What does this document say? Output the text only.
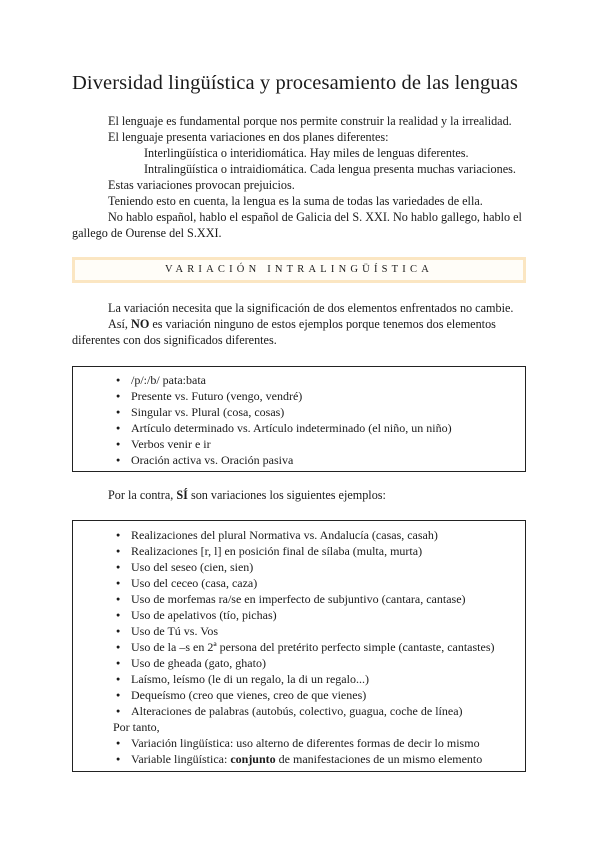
Diversidad lingüística y procesamiento de las lenguas
El lenguaje es fundamental porque nos permite construir la realidad y la irrealidad.
El lenguaje presenta variaciones en dos planes diferentes:
Interlingüística o interidiomática. Hay miles de lenguas diferentes.
Intralingüística o intraidiomática. Cada lengua presenta muchas variaciones.
Estas variaciones provocan prejuicios.
Teniendo esto en cuenta, la lengua es la suma de todas las variedades de ella.
No hablo español, hablo el español de Galicia del S. XXI. No hablo gallego, hablo el gallego de Ourense del S.XXI.
VARIACIÓN INTRALINGÜÍSTICA
La variación necesita que la significación de dos elementos enfrentados no cambie.
Así, NO es variación ninguno de estos ejemplos porque tenemos dos elementos diferentes con dos significados diferentes.
● /p/:/b/ pata:bata
● Presente vs. Futuro (vengo, vendré)
● Singular vs. Plural (cosa, cosas)
● Artículo determinado vs. Artículo indeterminado (el niño, un niño)
● Verbos venir e ir
● Oración activa vs. Oración pasiva
Por la contra, SÍ son variaciones los siguientes ejemplos:
● Realizaciones del plural Normativa vs. Andalucía (casas, casah)
● Realizaciones [r, l] en posición final de sílaba (multa, murta)
● Uso del seseo (cien, sien)
● Uso del ceceo (casa, caza)
● Uso de morfemas ra/se en imperfecto de subjuntivo (cantara, cantase)
● Uso de apelativos (tío, pichas)
● Uso de Tú vs. Vos
● Uso de la –s en 2ª persona del pretérito perfecto simple (cantaste, cantastes)
● Uso de gheada (gato, ghato)
● Laísmo, leísmo (le di un regalo, la di un regalo...)
● Dequeísmo (creo que vienes, creo de que vienes)
● Alteraciones de palabras (autobús, colectivo, guagua, coche de línea)
Por tanto,
● Variación lingüística: uso alterno de diferentes formas de decir lo mismo
● Variable lingüística: conjunto de manifestaciones de un mismo elemento
